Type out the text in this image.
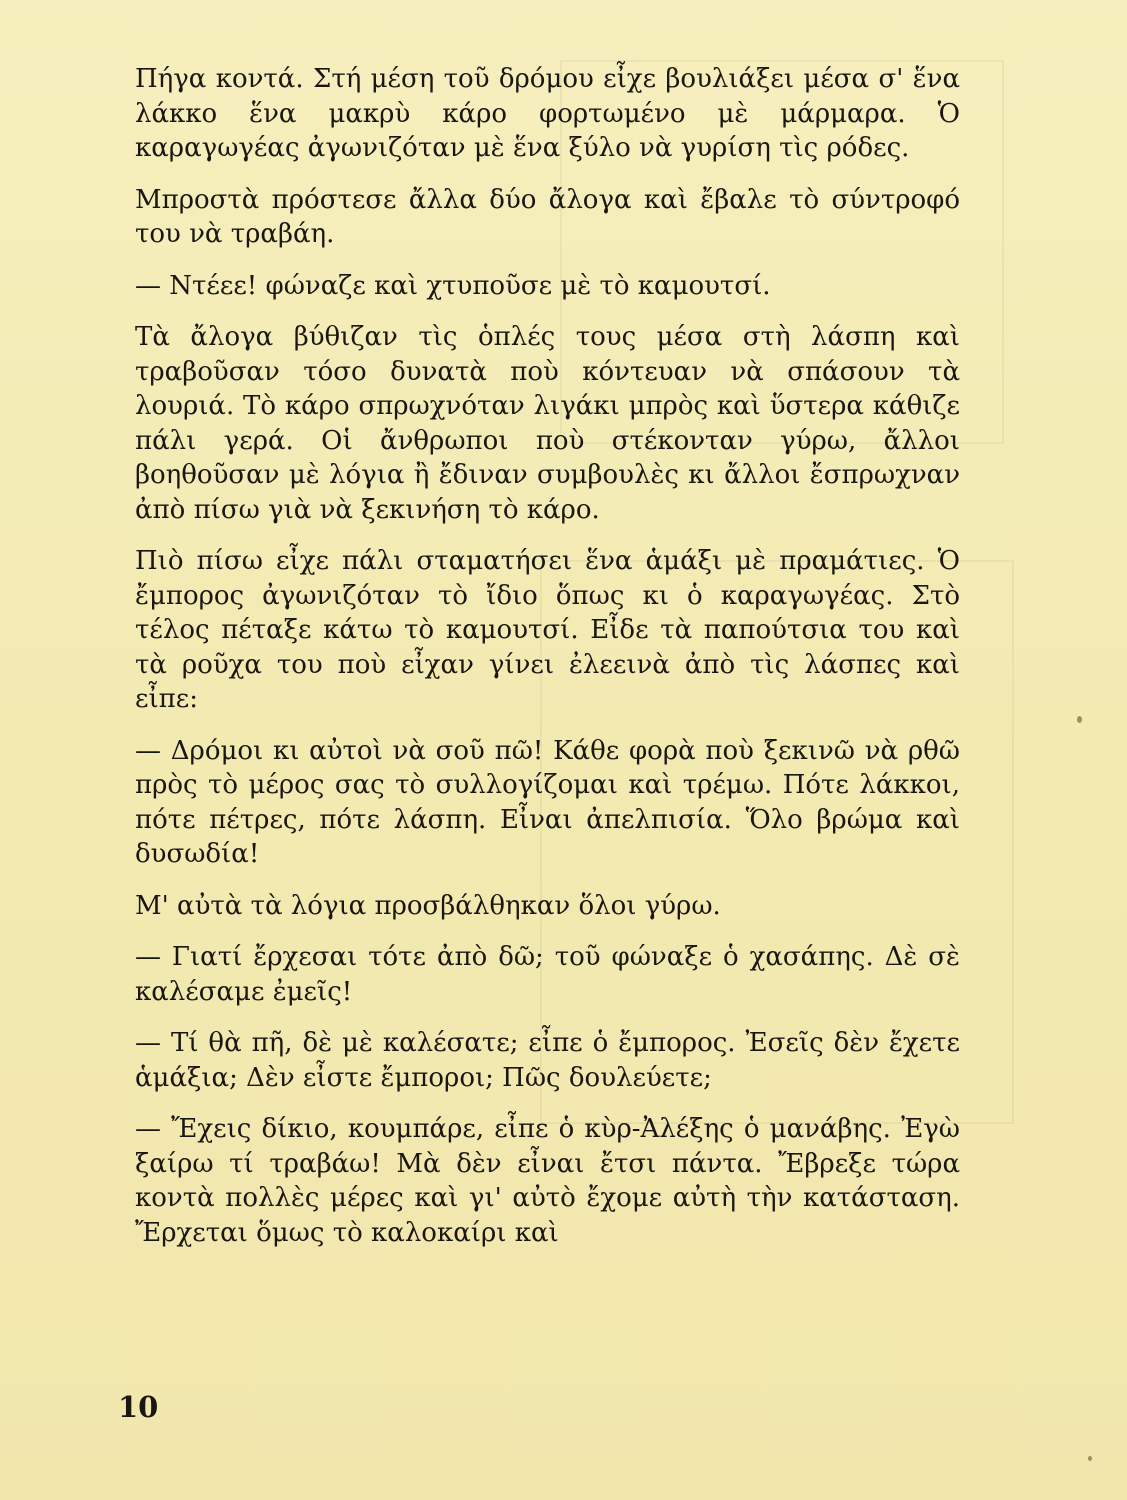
Πήγα κοντά. Στή μέση τοῦ δρόμου εἶχε βουλιάξει μέσα σ' ἕνα λάκκο ἕνα μακρὺ κάρο φορτωμένο μὲ μάρμαρα. Ὁ καραγωγέας ἀγωνιζόταν μὲ ἕνα ξύλο νὰ γυρίση τὶς ρόδες.

Μπροστὰ πρόστεσε ἄλλα δύο ἄλογα καὶ ἔβαλε τὸ σύντροφό του νὰ τραβάη.

— Ντέεε! φώναζε καὶ χτυποῦσε μὲ τὸ καμουτσί.

Τὰ ἄλογα βύθιζαν τὶς ὁπλές τους μέσα στὴ λάσπη καὶ τραβοῦσαν τόσο δυνατὰ ποὺ κόντευαν νὰ σπάσουν τὰ λουριά. Τὸ κάρο σπρωχνόταν λιγάκι μπρὸς καὶ ὕστερα κάθιζε πάλι γερά. Οἱ ἄνθρωποι ποὺ στέκονταν γύρω, ἄλλοι βοηθοῦσαν μὲ λόγια ἢ ἔδιναν συμβουλὲς κι ἄλλοι ἔσπρωχναν ἀπὸ πίσω γιὰ νὰ ξεκινήση τὸ κάρο.

Πιὸ πίσω εἶχε πάλι σταματήσει ἕνα ἁμάξι μὲ πραμάτιες. Ὁ ἔμπορος ἀγωνιζόταν τὸ ἴδιο ὅπως κι ὁ καραγωγέας. Στὸ τέλος πέταξε κάτω τὸ καμουτσί. Εἶδε τὰ παπούτσια του καὶ τὰ ροῦχα του ποὺ εἶχαν γίνει ἐλεεινὰ ἀπὸ τὶς λάσπες καὶ εἶπε:

— Δρόμοι κι αὐτοὶ νὰ σοῦ πῶ! Κάθε φορὰ ποὺ ξεκινῶ νὰ ρθῶ πρὸς τὸ μέρος σας τὸ συλλογίζομαι καὶ τρέμω. Πότε λάκκοι, πότε πέτρες, πότε λάσπη. Εἶναι ἀπελπισία. Ὅλο βρώμα καὶ δυσωδία!

Μ' αὐτὰ τὰ λόγια προσβάλθηκαν ὅλοι γύρω.

— Γιατί ἔρχεσαι τότε ἀπὸ δῶ; τοῦ φώναξε ὁ χασάπης. Δὲ σὲ καλέσαμε ἐμεῖς!

— Τί θὰ πῆ, δὲ μὲ καλέσατε; εἶπε ὁ ἔμπορος. Ἐσεῖς δὲν ἔχετε ἁμάξια; Δὲν εἶστε ἔμποροι; Πῶς δουλεύετε;

— Ἔχεις δίκιο, κουμπάρε, εἶπε ὁ κὺρ-Ἀλέξης ὁ μανάβης. Ἐγὼ ξαίρω τί τραβάω! Μὰ δὲν εἶναι ἔτσι πάντα. Ἔβρεξε τώρα κοντὰ πολλὲς μέρες καὶ γι' αὐτὸ ἔχομε αὐτὴ τὴν κατάσταση. Ἔρχεται ὅμως τὸ καλοκαίρι καὶ

10
